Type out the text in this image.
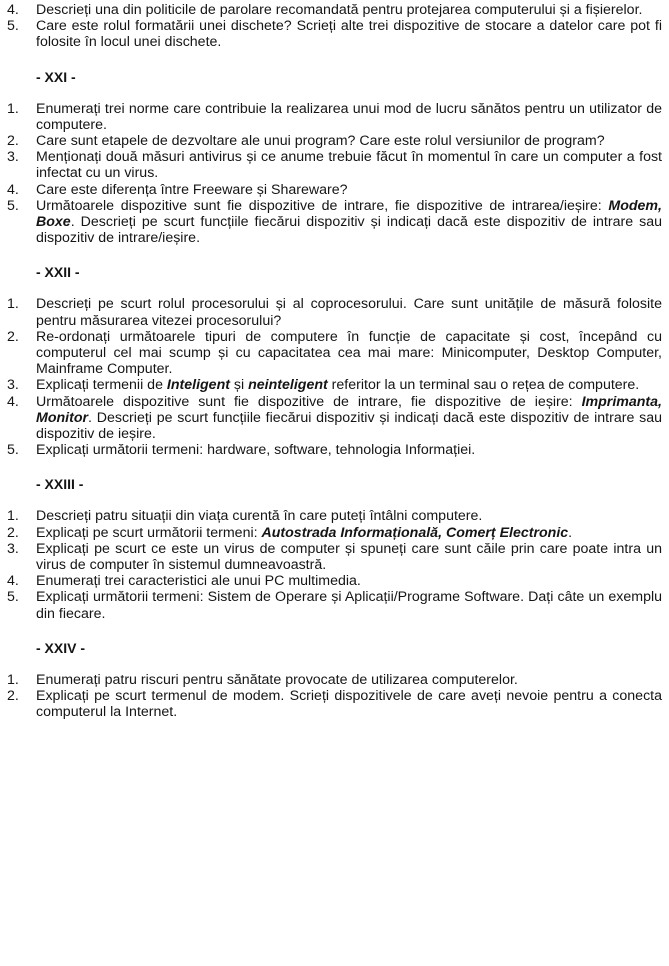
4. Descrieți una din politicile de parolare recomandată pentru protejarea computerului și a fișierelor.
5. Care este rolul formatării unei dischete? Scrieți alte trei dispozitive de stocare a datelor care pot fi folosite în locul unei dischete.
- XXI -
1. Enumerați trei norme care contribuie la realizarea unui mod de lucru sănătos pentru un utilizator de computere.
2. Care sunt etapele de dezvoltare ale unui program? Care este rolul versiunilor de program?
3. Menționați două măsuri antivirus și ce anume trebuie făcut în momentul în care un computer a fost infectat cu un virus.
4. Care este diferența între Freeware și Shareware?
5. Următoarele dispozitive sunt fie dispozitive de intrare, fie dispozitive de intrarea/ieșire: Modem, Boxe. Descrieți pe scurt funcțiile fiecărui dispozitiv și indicați dacă este dispozitiv de intrare sau dispozitiv de intrare/ieșire.
- XXII -
1. Descrieți pe scurt rolul procesorului și al coprocesorului. Care sunt unitățile de măsură folosite pentru măsurarea vitezei procesorului?
2. Re-ordonați următoarele tipuri de computere în funcție de capacitate și cost, începând cu computerul cel mai scump și cu capacitatea cea mai mare: Minicomputer, Desktop Computer, Mainframe Computer.
3. Explicați termenii de Inteligent și neinteligent referitor la un terminal sau o rețea de computere.
4. Următoarele dispozitive sunt fie dispozitive de intrare, fie dispozitive de ieșire: Imprimanta, Monitor. Descrieți pe scurt funcțiile fiecărui dispozitiv și indicați dacă este dispozitiv de intrare sau dispozitiv de ieșire.
5. Explicați următorii termeni: hardware, software, tehnologia Informației.
- XXIII -
1. Descrieți patru situații din viața curentă în care puteți întâlni computere.
2. Explicați pe scurt următorii termeni: Autostrada Informațională, Comerț Electronic.
3. Explicați pe scurt ce este un virus de computer și spuneți care sunt căile prin care poate intra un virus de computer în sistemul dumneavoastră.
4. Enumerați trei caracteristici ale unui PC multimedia.
5. Explicați următorii termeni: Sistem de Operare și Aplicații/Programe Software. Dați câte un exemplu din fiecare.
- XXIV -
1. Enumerați patru riscuri pentru sănătate provocate de utilizarea computerelor.
2. Explicați pe scurt termenul de modem. Scrieți dispozitivele de care aveți nevoie pentru a conecta computerul la Internet.
